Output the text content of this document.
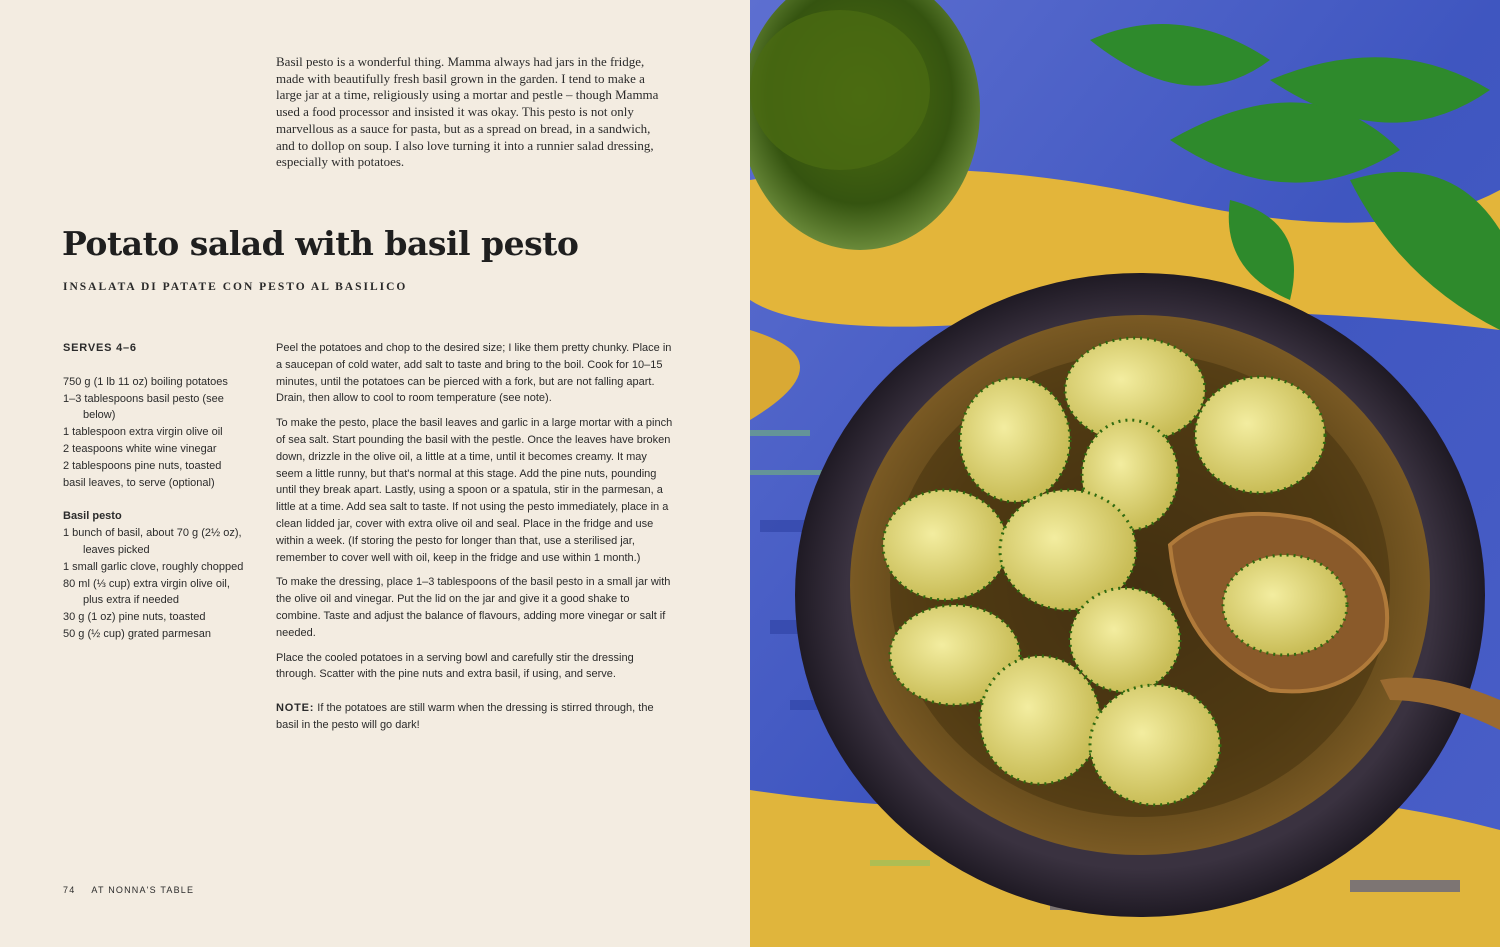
Basil pesto is a wonderful thing. Mamma always had jars in the fridge, made with beautifully fresh basil grown in the garden. I tend to make a large jar at a time, religiously using a mortar and pestle – though Mamma used a food processor and insisted it was okay. This pesto is not only marvellous as a sauce for pasta, but as a spread on bread, in a sandwich, and to dollop on soup. I also love turning it into a runnier salad dressing, especially with potatoes.

Potato salad with basil pesto
INSALATA DI PATATE CON PESTO AL BASILICO
SERVES 4–6
750 g (1 lb 11 oz) boiling potatoes
1–3 tablespoons basil pesto (see below)
1 tablespoon extra virgin olive oil
2 teaspoons white wine vinegar
2 tablespoons pine nuts, toasted
basil leaves, to serve (optional)
Basil pesto
1 bunch of basil, about 70 g (2½ oz), leaves picked
1 small garlic clove, roughly chopped
80 ml (⅓ cup) extra virgin olive oil, plus extra if needed
30 g (1 oz) pine nuts, toasted
50 g (½ cup) grated parmesan

Peel the potatoes and chop to the desired size; I like them pretty chunky. Place in a saucepan of cold water, add salt to taste and bring to the boil. Cook for 10–15 minutes, until the potatoes can be pierced with a fork, but are not falling apart. Drain, then allow to cool to room temperature (see note).

To make the pesto, place the basil leaves and garlic in a large mortar with a pinch of sea salt. Start pounding the basil with the pestle. Once the leaves have broken down, drizzle in the olive oil, a little at a time, until it becomes creamy. It may seem a little runny, but that's normal at this stage. Add the pine nuts, pounding until they break apart. Lastly, using a spoon or a spatula, stir in the parmesan, a little at a time. Add sea salt to taste. If not using the pesto immediately, place in a clean lidded jar, cover with extra olive oil and seal. Place in the fridge and use within a week. (If storing the pesto for longer than that, use a sterilised jar, remember to cover well with oil, keep in the fridge and use within 1 month.)

To make the dressing, place 1–3 tablespoons of the basil pesto in a small jar with the olive oil and vinegar. Put the lid on the jar and give it a good shake to combine. Taste and adjust the balance of flavours, adding more vinegar or salt if needed.

Place the cooled potatoes in a serving bowl and carefully stir the dressing through. Scatter with the pine nuts and extra basil, if using, and serve.

NOTE: If the potatoes are still warm when the dressing is stirred through, the basil in the pesto will go dark!

74 AT NONNA'S TABLE
